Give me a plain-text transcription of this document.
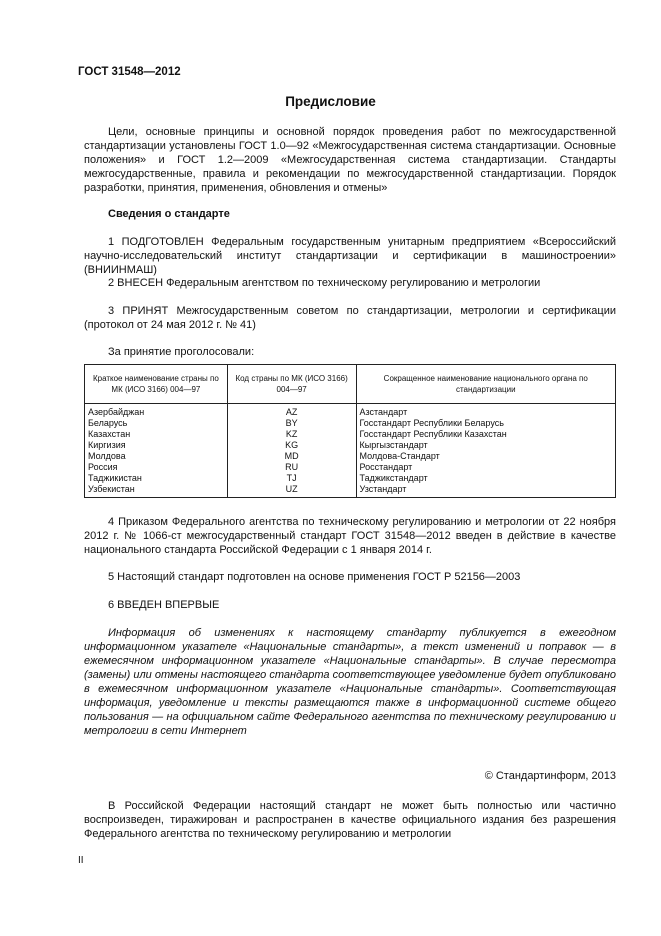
ГОСТ 31548—2012
Предисловие

Цели, основные принципы и основной порядок проведения работ по межгосударственной стандартизации установлены ГОСТ 1.0—92 «Межгосударственная система стандартизации. Основные положения» и ГОСТ 1.2—2009 «Межгосударственная система стандартизации. Стандарты межгосударственные, правила и рекомендации по межгосударственной стандартизации. Порядок разработки, принятия, применения, обновления и отмены»

Сведения о стандарте

1 ПОДГОТОВЛЕН Федеральным государственным унитарным предприятием «Всероссийский научно-исследовательский институт стандартизации и сертификации в машиностроении» (ВНИИНМАШ)

2 ВНЕСЕН Федеральным агентством по техническому регулированию и метрологии

3 ПРИНЯТ Межгосударственным советом по стандартизации, метрологии и сертификации (протокол от 24 мая 2012 г. № 41)

За принятие проголосовали:

Краткое наименование страны по МК (ИСО 3166) 004—97	Код страны по МК (ИСО 3166) 004—97	Сокращенное наименование национального органа по стандартизации
Азербайджан	AZ	Азстандарт
Беларусь	BY	Госстандарт Республики Беларусь
Казахстан	KZ	Госстандарт Республики Казахстан
Киргизия	KG	Кыргызстандарт
Молдова	MD	Молдова-Стандарт
Россия	RU	Росстандарт
Таджикистан	TJ	Таджикстандарт
Узбекистан	UZ	Узстандарт

4 Приказом Федерального агентства по техническому регулированию и метрологии от 22 ноября 2012 г. № 1066-ст межгосударственный стандарт ГОСТ 31548—2012 введен в действие в качестве национального стандарта Российской Федерации с 1 января 2014 г.

5 Настоящий стандарт подготовлен на основе применения ГОСТ Р 52156—2003

6 ВВЕДЕН ВПЕРВЫЕ

Информация об изменениях к настоящему стандарту публикуется в ежегодном информационном указателе «Национальные стандарты», а текст изменений и поправок — в ежемесячном информационном указателе «Национальные стандарты». В случае пересмотра (замены) или отмены настоящего стандарта соответствующее уведомление будет опубликовано в ежемесячном информационном указателе «Национальные стандарты». Соответствующая информация, уведомление и тексты размещаются также в информационной системе общего пользования — на официальном сайте Федерального агентства по техническому регулированию и метрологии в сети Интернет

© Стандартинформ, 2013

В Российской Федерации настоящий стандарт не может быть полностью или частично воспроизведен, тиражирован и распространен в качестве официального издания без разрешения Федерального агентства по техническому регулированию и метрологии

II
